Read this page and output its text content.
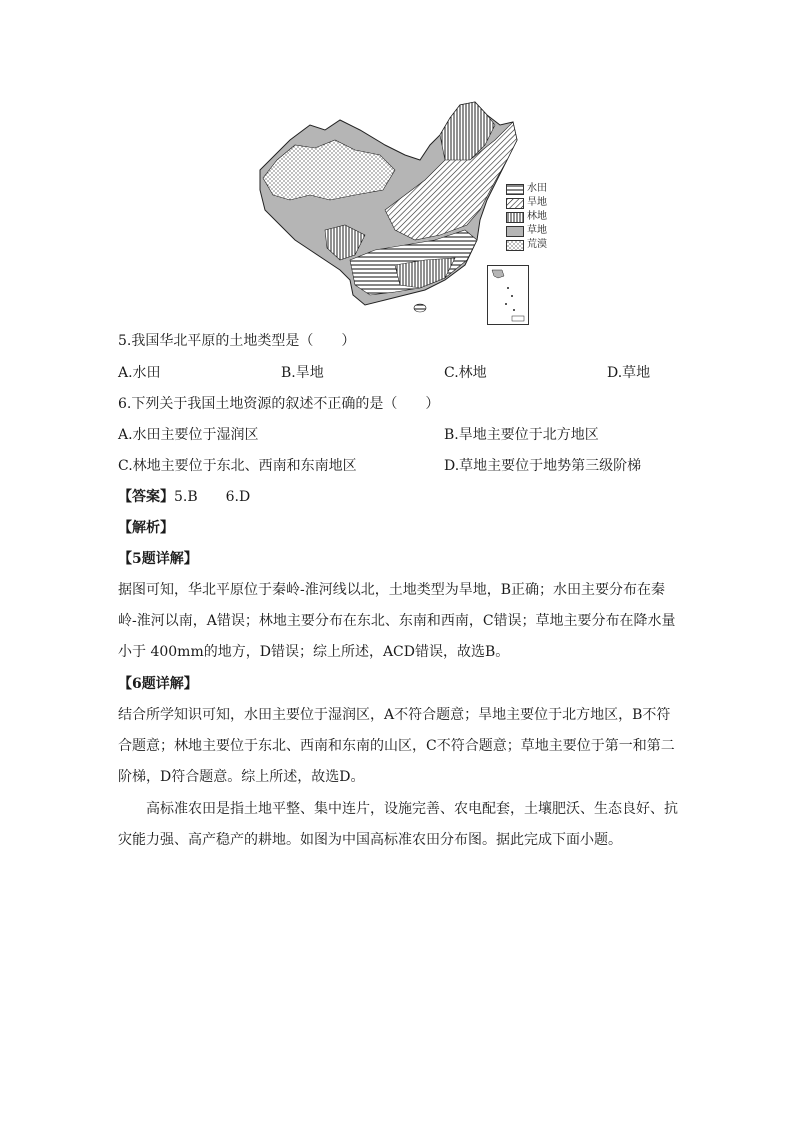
水田
旱地
林地
草地
荒漠
5.我国华北平原的土地类型是（　　）
A.水田	B.旱地	C.林地	D.草地
6.下列关于我国土地资源的叙述不正确的是（　　）
A.水田主要位于湿润区	B.旱地主要位于北方地区
C.林地主要位于东北、西南和东南地区	D.草地主要位于地势第三级阶梯
【答案】5.B　　6.D
【解析】
【5题详解】
据图可知，华北平原位于秦岭-淮河线以北，土地类型为旱地，B正确；水田主要分布在秦
岭-淮河以南，A错误；林地主要分布在东北、东南和西南，C错误；草地主要分布在降水量
小于 400mm的地方，D错误；综上所述，ACD错误，故选B。
【6题详解】
结合所学知识可知，水田主要位于湿润区，A不符合题意；旱地主要位于北方地区，B不符
合题意；林地主要位于东北、西南和东南的山区，C不符合题意；草地主要位于第一和第二
阶梯，D符合题意。综上所述，故选D。
　　高标准农田是指土地平整、集中连片，设施完善、农电配套，土壤肥沃、生态良好、抗
灾能力强、高产稳产的耕地。如图为中国高标准农田分布图。据此完成下面小题。
